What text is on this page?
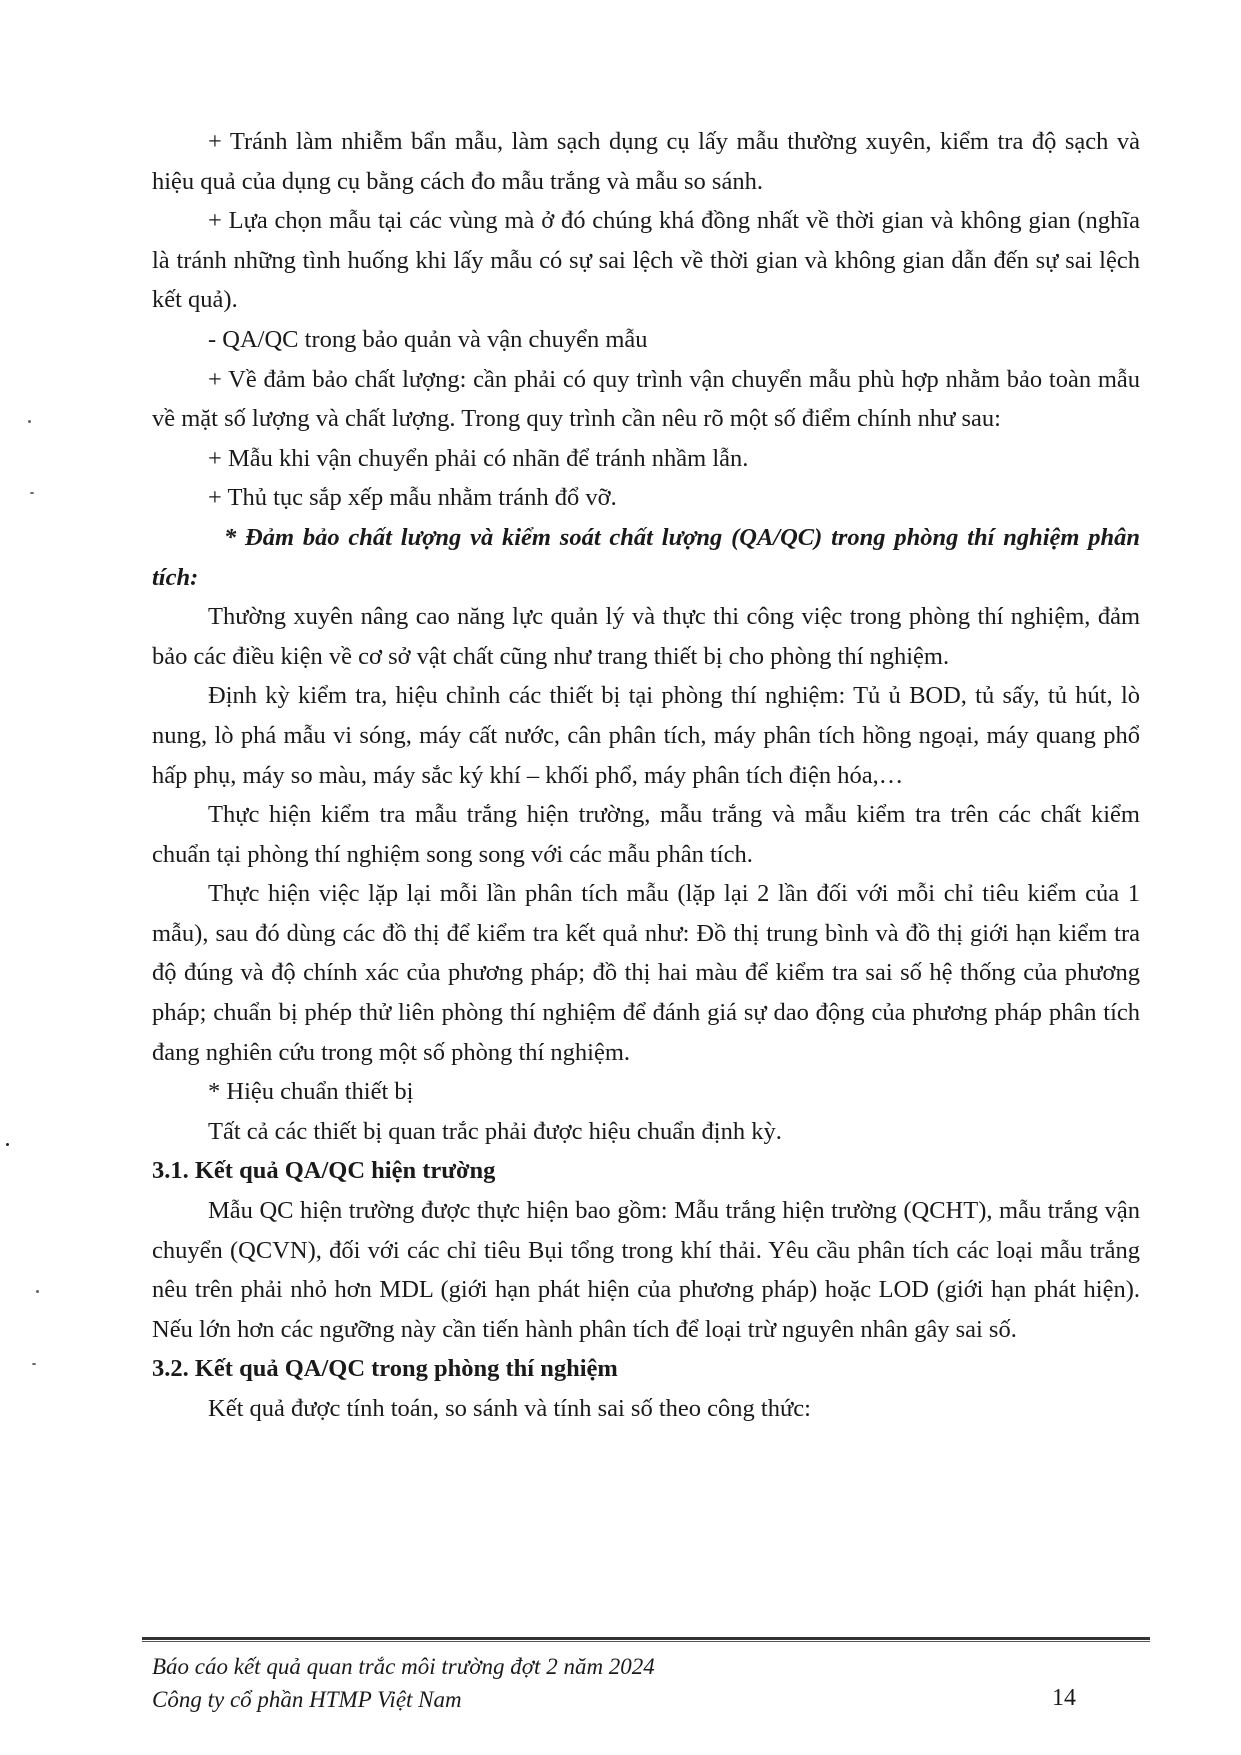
+ Tránh làm nhiễm bẩn mẫu, làm sạch dụng cụ lấy mẫu thường xuyên, kiểm tra độ sạch và hiệu quả của dụng cụ bằng cách đo mẫu trắng và mẫu so sánh.

+ Lựa chọn mẫu tại các vùng mà ở đó chúng khá đồng nhất về thời gian và không gian (nghĩa là tránh những tình huống khi lấy mẫu có sự sai lệch về thời gian và không gian dẫn đến sự sai lệch kết quả).

- QA/QC trong bảo quản và vận chuyển mẫu

+ Về đảm bảo chất lượng: cần phải có quy trình vận chuyển mẫu phù hợp nhằm bảo toàn mẫu về mặt số lượng và chất lượng. Trong quy trình cần nêu rõ một số điểm chính như sau:

+ Mẫu khi vận chuyển phải có nhãn để tránh nhầm lẫn.

+ Thủ tục sắp xếp mẫu nhằm tránh đổ vỡ.

* Đảm bảo chất lượng và kiểm soát chất lượng (QA/QC) trong phòng thí nghiệm phân tích:

Thường xuyên nâng cao năng lực quản lý và thực thi công việc trong phòng thí nghiệm, đảm bảo các điều kiện về cơ sở vật chất cũng như trang thiết bị cho phòng thí nghiệm.

Định kỳ kiểm tra, hiệu chỉnh các thiết bị tại phòng thí nghiệm: Tủ ủ BOD, tủ sấy, tủ hút, lò nung, lò phá mẫu vi sóng, máy cất nước, cân phân tích, máy phân tích hồng ngoại, máy quang phổ hấp phụ, máy so màu, máy sắc ký khí – khối phổ, máy phân tích điện hóa,…

Thực hiện kiểm tra mẫu trắng hiện trường, mẫu trắng và mẫu kiểm tra trên các chất kiểm chuẩn tại phòng thí nghiệm song song với các mẫu phân tích.

Thực hiện việc lặp lại mỗi lần phân tích mẫu (lặp lại 2 lần đối với mỗi chỉ tiêu kiểm của 1 mẫu), sau đó dùng các đồ thị để kiểm tra kết quả như: Đồ thị trung bình và đồ thị giới hạn kiểm tra độ đúng và độ chính xác của phương pháp; đồ thị hai màu để kiểm tra sai số hệ thống của phương pháp; chuẩn bị phép thử liên phòng thí nghiệm để đánh giá sự dao động của phương pháp phân tích đang nghiên cứu trong một số phòng thí nghiệm.

* Hiệu chuẩn thiết bị

Tất cả các thiết bị quan trắc phải được hiệu chuẩn định kỳ.

3.1. Kết quả QA/QC hiện trường

Mẫu QC hiện trường được thực hiện bao gồm: Mẫu trắng hiện trường (QCHT), mẫu trắng vận chuyển (QCVN), đối với các chỉ tiêu Bụi tổng trong khí thải. Yêu cầu phân tích các loại mẫu trắng nêu trên phải nhỏ hơn MDL (giới hạn phát hiện của phương pháp) hoặc LOD (giới hạn phát hiện). Nếu lớn hơn các ngưỡng này cần tiến hành phân tích để loại trừ nguyên nhân gây sai số.

3.2. Kết quả QA/QC trong phòng thí nghiệm

Kết quả được tính toán, so sánh và tính sai số theo công thức:

Báo cáo kết quả quan trắc môi trường đợt 2 năm 2024
Công ty cổ phần HTMP Việt Nam	14
